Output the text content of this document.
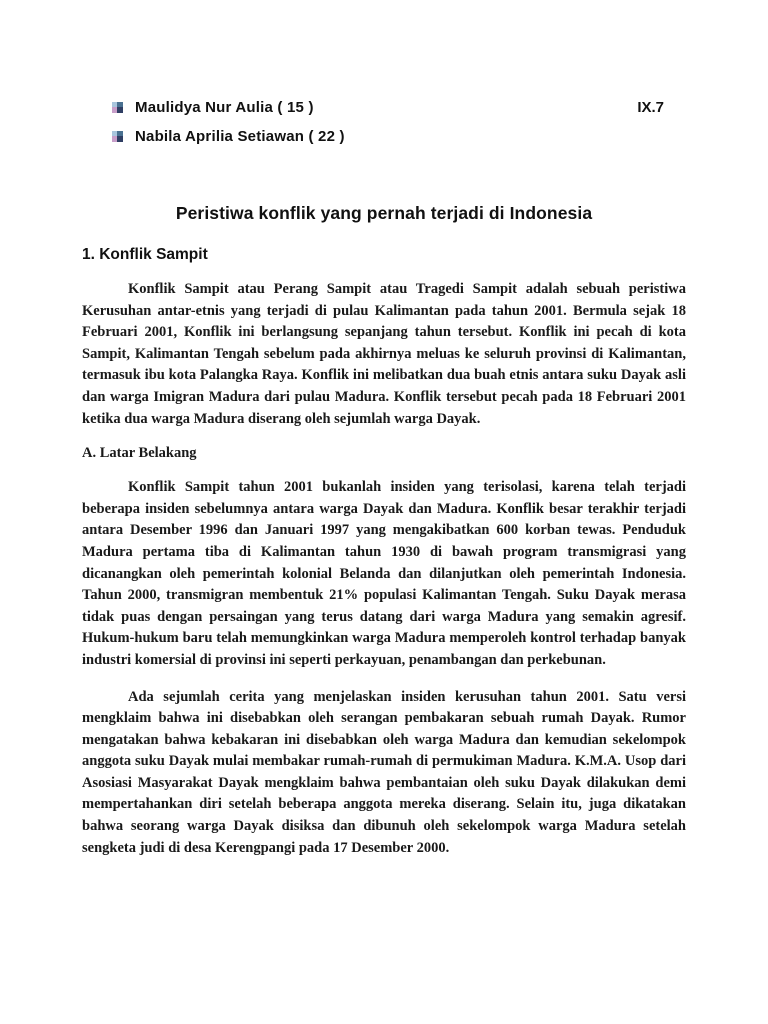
Maulidya Nur Aulia ( 15 )
Nabila Aprilia Setiawan ( 22 )
IX.7
Peristiwa konflik yang pernah terjadi di Indonesia
1. Konflik Sampit

Konflik Sampit atau Perang Sampit atau Tragedi Sampit adalah sebuah peristiwa Kerusuhan antar-etnis yang terjadi di pulau Kalimantan pada tahun 2001. Bermula sejak 18 Februari 2001, Konflik ini berlangsung sepanjang tahun tersebut. Konflik ini pecah di kota Sampit, Kalimantan Tengah sebelum pada akhirnya meluas ke seluruh provinsi di Kalimantan, termasuk ibu kota Palangka Raya. Konflik ini melibatkan dua buah etnis antara suku Dayak asli dan warga Imigran Madura dari pulau Madura. Konflik tersebut pecah pada 18 Februari 2001 ketika dua warga Madura diserang oleh sejumlah warga Dayak.

A. Latar Belakang

Konflik Sampit tahun 2001 bukanlah insiden yang terisolasi, karena telah terjadi beberapa insiden sebelumnya antara warga Dayak dan Madura. Konflik besar terakhir terjadi antara Desember 1996 dan Januari 1997 yang mengakibatkan 600 korban tewas. Penduduk Madura pertama tiba di Kalimantan tahun 1930 di bawah program transmigrasi yang dicanangkan oleh pemerintah kolonial Belanda dan dilanjutkan oleh pemerintah Indonesia. Tahun 2000, transmigran membentuk 21% populasi Kalimantan Tengah. Suku Dayak merasa tidak puas dengan persaingan yang terus datang dari warga Madura yang semakin agresif. Hukum-hukum baru telah memungkinkan warga Madura memperoleh kontrol terhadap banyak industri komersial di provinsi ini seperti perkayuan, penambangan dan perkebunan.

Ada sejumlah cerita yang menjelaskan insiden kerusuhan tahun 2001. Satu versi mengklaim bahwa ini disebabkan oleh serangan pembakaran sebuah rumah Dayak. Rumor mengatakan bahwa kebakaran ini disebabkan oleh warga Madura dan kemudian sekelompok anggota suku Dayak mulai membakar rumah-rumah di permukiman Madura. K.M.A. Usop dari Asosiasi Masyarakat Dayak mengklaim bahwa pembantaian oleh suku Dayak dilakukan demi mempertahankan diri setelah beberapa anggota mereka diserang. Selain itu, juga dikatakan bahwa seorang warga Dayak disiksa dan dibunuh oleh sekelompok warga Madura setelah sengketa judi di desa Kerengpangi pada 17 Desember 2000.
